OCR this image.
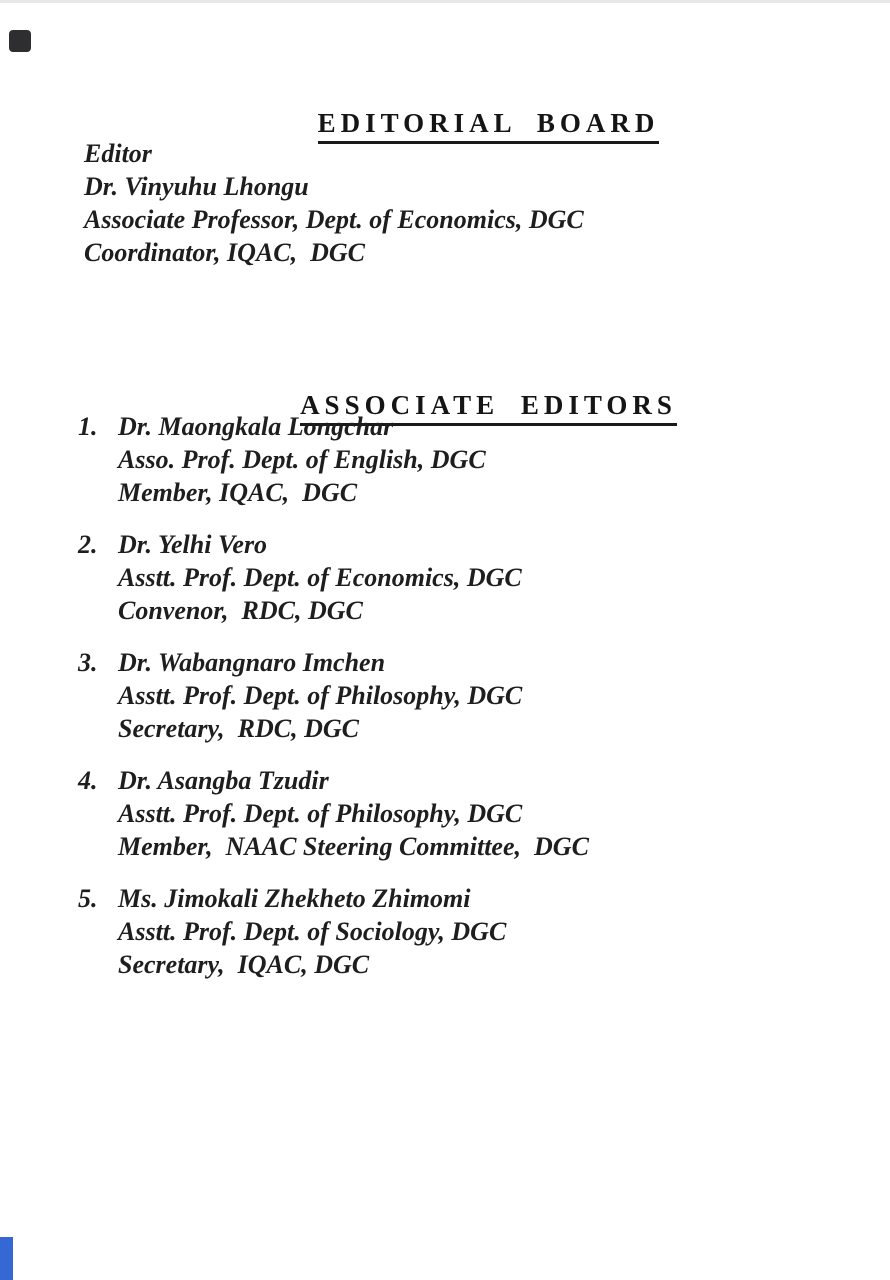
EDITORIAL BOARD

Editor
Dr. Vinyuhu Lhongu
Associate Professor, Dept. of Economics, DGC
Coordinator, IQAC,  DGC

ASSOCIATE EDITORS

1. Dr. Maongkala Longchar
Asso. Prof. Dept. of English, DGC
Member, IQAC,  DGC
2. Dr. Yelhi Vero
Asstt. Prof. Dept. of Economics, DGC
Convenor,  RDC, DGC
3. Dr. Wabangnaro Imchen
Asstt. Prof. Dept. of Philosophy, DGC
Secretary,  RDC, DGC
4. Dr. Asangba Tzudir
Asstt. Prof. Dept. of Philosophy, DGC
Member,  NAAC Steering Committee,  DGC
5. Ms. Jimokali Zhekheto Zhimomi
Asstt. Prof. Dept. of Sociology, DGC
Secretary,  IQAC, DGC
